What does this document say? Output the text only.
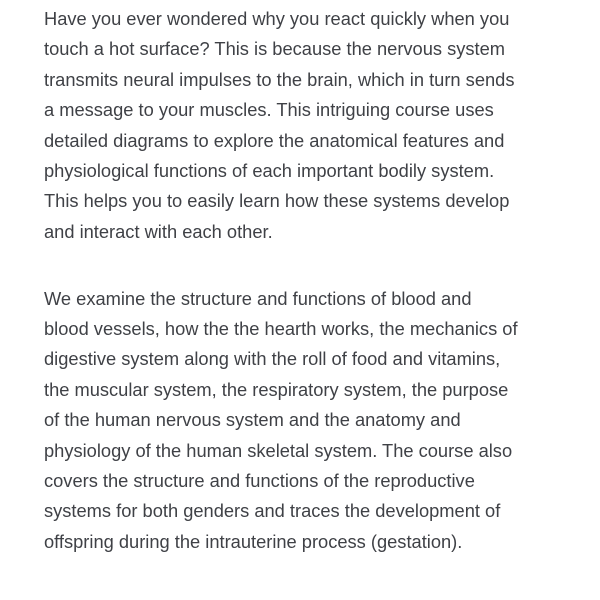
Have you ever wondered why you react quickly when you
touch a hot surface? This is because the nervous system
transmits neural impulses to the brain, which in turn sends
a message to your muscles. This intriguing course uses
detailed diagrams to explore the anatomical features and
physiological functions of each important bodily system.
This helps you to easily learn how these systems develop
and interact with each other.

We examine the structure and functions of blood and
blood vessels, how the the hearth works, the mechanics of
digestive system along with the roll of food and vitamins,
the muscular system, the respiratory system, the purpose
of the human nervous system and the anatomy and
physiology of the human skeletal system. The course also
covers the structure and functions of the reproductive
systems for both genders and traces the development of
offspring during the intrauterine process (gestation).
